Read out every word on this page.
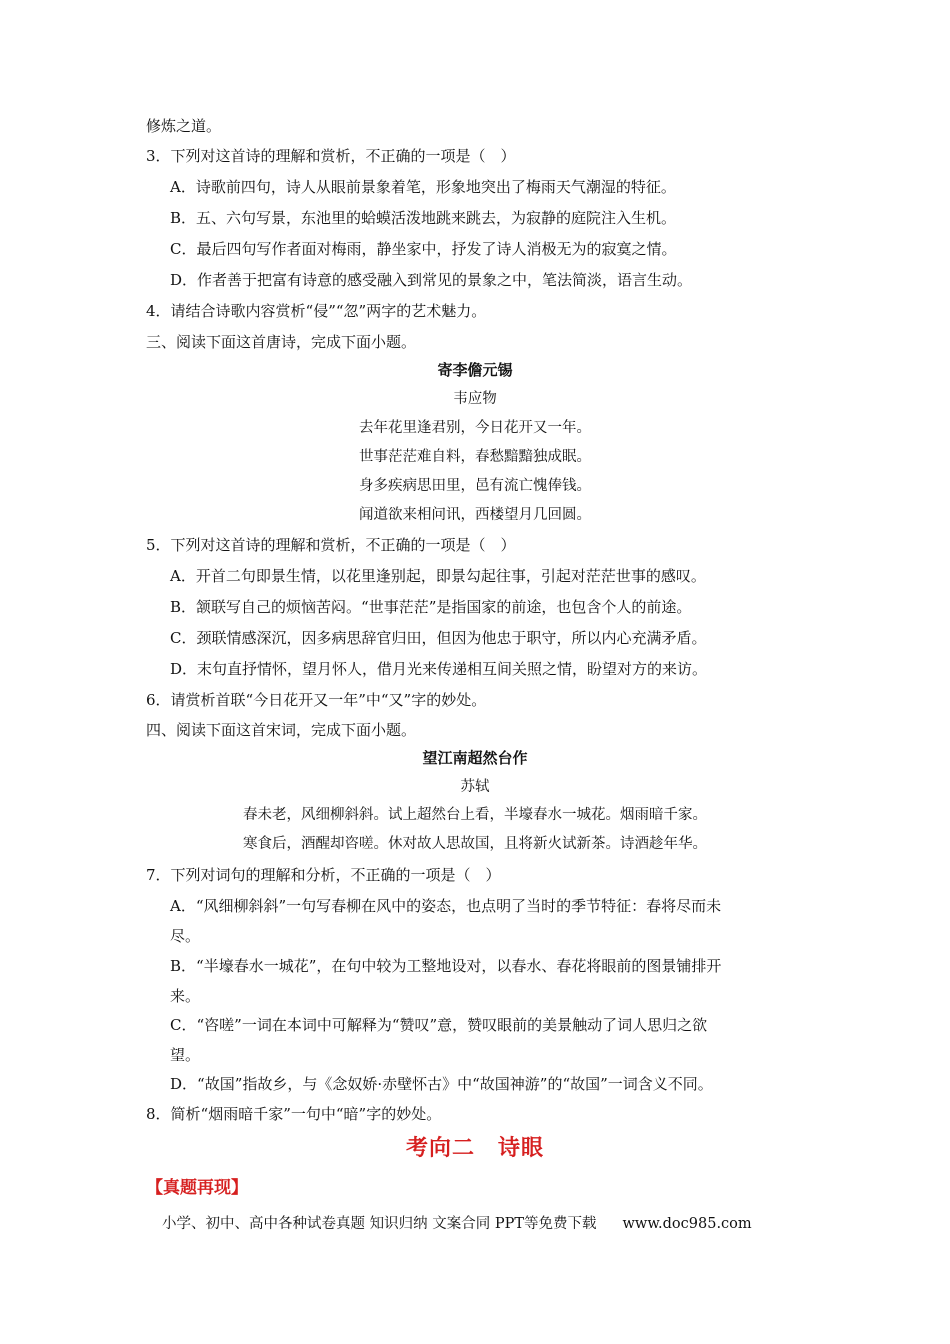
修炼之道。
3．下列对这首诗的理解和赏析，不正确的一项是（　）
A．诗歌前四句，诗人从眼前景象着笔，形象地突出了梅雨天气潮湿的特征。
B．五、六句写景，东池里的蛤蟆活泼地跳来跳去，为寂静的庭院注入生机。
C．最后四句写作者面对梅雨，静坐家中，抒发了诗人消极无为的寂寞之情。
D．作者善于把富有诗意的感受融入到常见的景象之中，笔法简淡，语言生动。
4．请结合诗歌内容赏析“侵”“忽”两字的艺术魅力。
三、阅读下面这首唐诗，完成下面小题。
寄李儋元锡
韦应物
去年花里逢君别，今日花开又一年。
世事茫茫难自料，春愁黯黯独成眠。
身多疾病思田里，邑有流亡愧俸钱。
闻道欲来相问讯，西楼望月几回圆。
5．下列对这首诗的理解和赏析，不正确的一项是（　）
A．开首二句即景生情，以花里逢别起，即景勾起往事，引起对茫茫世事的感叹。
B．颔联写自己的烦恼苦闷。“世事茫茫”是指国家的前途，也包含个人的前途。
C．颈联情感深沉，因多病思辞官归田，但因为他忠于职守，所以内心充满矛盾。
D．末句直抒情怀，望月怀人，借月光来传递相互间关照之情，盼望对方的来访。
6．请赏析首联“今日花开又一年”中“又”字的妙处。
四、阅读下面这首宋词，完成下面小题。
望江南超然台作
苏轼
春未老，风细柳斜斜。试上超然台上看，半壕春水一城花。烟雨暗千家。
寒食后，酒醒却咨嗟。休对故人思故国，且将新火试新茶。诗酒趁年华。
7．下列对词句的理解和分析，不正确的一项是（　）
A．“风细柳斜斜”一句写春柳在风中的姿态，也点明了当时的季节特征：春将尽而未
尽。
B．“半壕春水一城花”，在句中较为工整地设对，以春水、春花将眼前的图景铺排开
来。
C．“咨嗟”一词在本词中可解释为“赞叹”意，赞叹眼前的美景触动了词人思归之欲
望。
D．“故国”指故乡，与《念奴娇·赤壁怀古》中“故国神游”的“故国”一词含义不同。
8．简析“烟雨暗千家”一句中“暗”字的妙处。
考向二　诗眼
【真题再现】
小学、初中、高中各种试卷真题 知识归纳 文案合同 PPT等免费下载 www.doc985.com
